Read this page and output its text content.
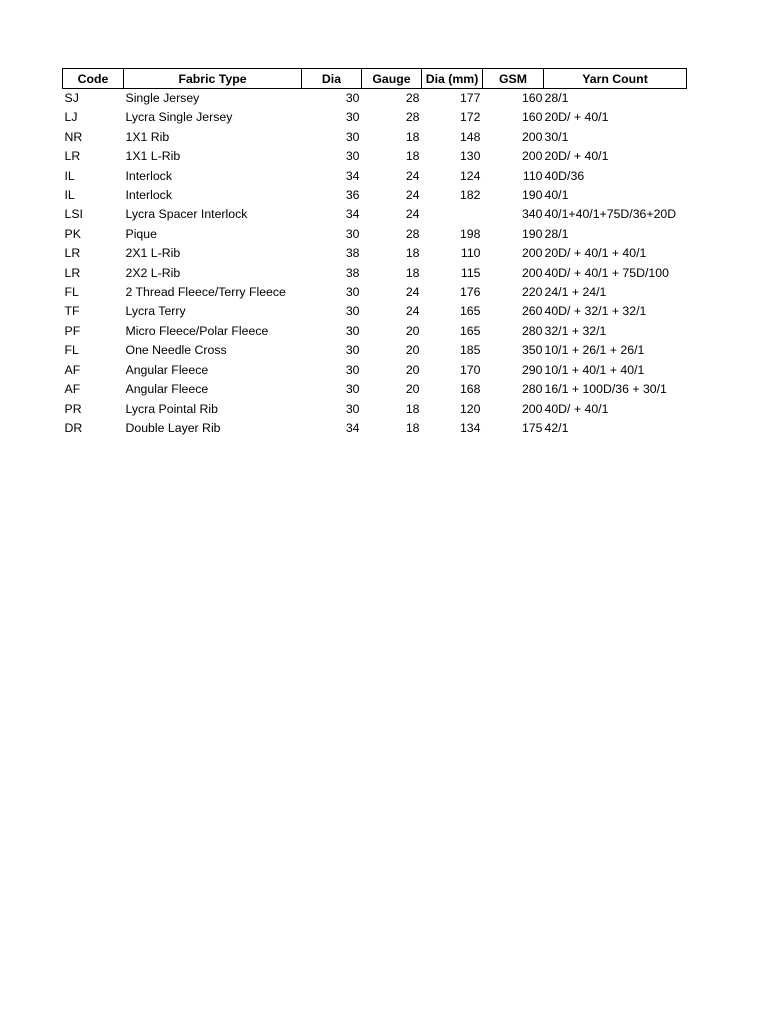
Code	Fabric Type	Dia	Gauge	Dia (mm)	GSM	Yarn Count
SJ	Single Jersey	30	28	177	160	28/1
LJ	Lycra Single Jersey	30	28	172	160	20D/ + 40/1
NR	1X1 Rib	30	18	148	200	30/1
LR	1X1 L-Rib	30	18	130	200	20D/ + 40/1
IL	Interlock	34	24	124	110	40D/36
IL	Interlock	36	24	182	190	40/1
LSI	Lycra Spacer Interlock	34	24		340	40/1+40/1+75D/36+20D
PK	Pique	30	28	198	190	28/1
LR	2X1 L-Rib	38	18	110	200	20D/ + 40/1 + 40/1
LR	2X2 L-Rib	38	18	115	200	40D/ + 40/1 + 75D/100
FL	2 Thread Fleece/Terry Fleece	30	24	176	220	24/1 + 24/1
TF	Lycra Terry	30	24	165	260	40D/ + 32/1 + 32/1
PF	Micro Fleece/Polar Fleece	30	20	165	280	32/1 + 32/1
FL	One Needle Cross	30	20	185	350	10/1 + 26/1 + 26/1
AF	Angular Fleece	30	20	170	290	10/1 + 40/1 + 40/1
AF	Angular Fleece	30	20	168	280	16/1 + 100D/36 + 30/1
PR	Lycra Pointal Rib	30	18	120	200	40D/ + 40/1
DR	Double Layer Rib	34	18	134	175	42/1
